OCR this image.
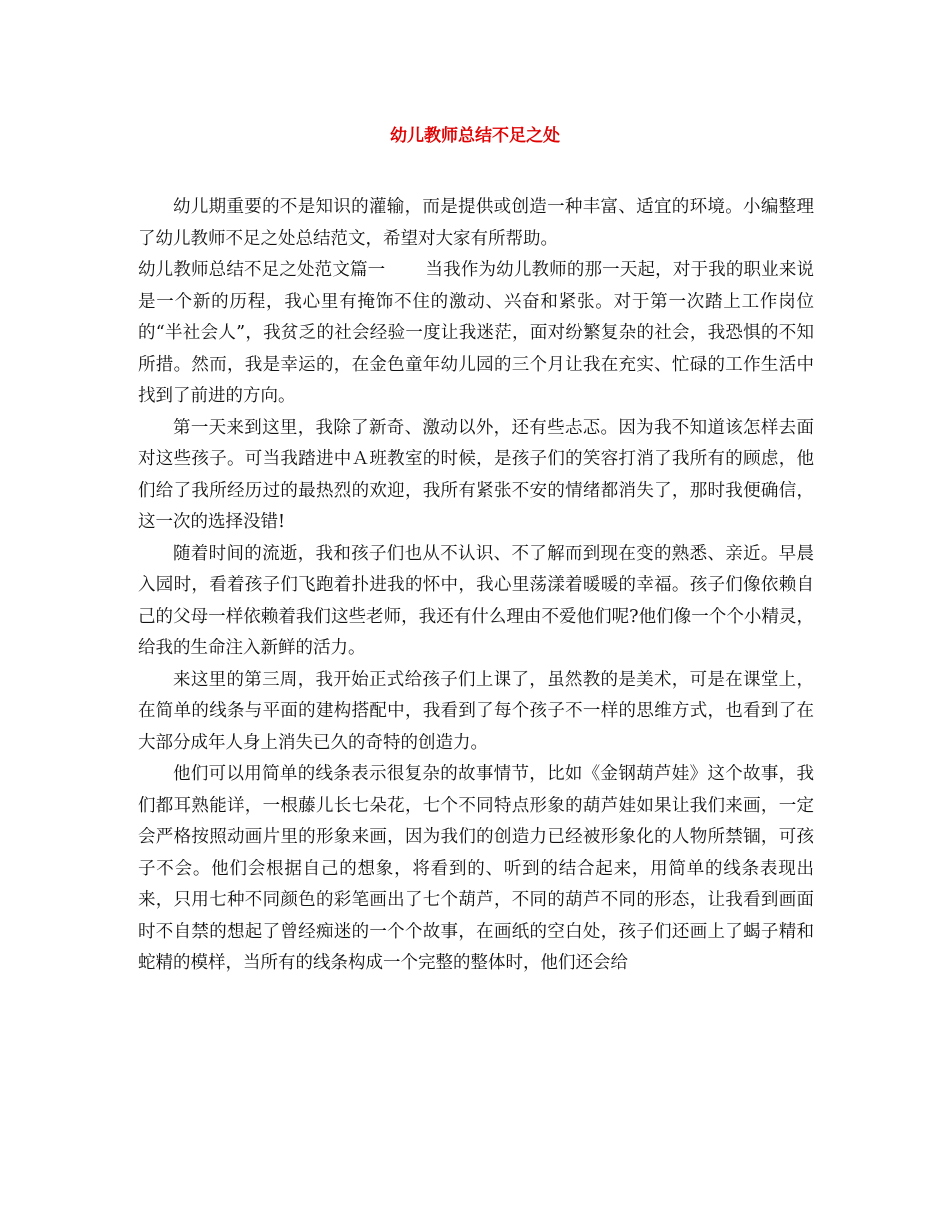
幼儿教师总结不足之处

幼儿期重要的不是知识的灌输，而是提供或创造一种丰富、适宜的环境。小编整理了幼儿教师不足之处总结范文，希望对大家有所帮助。

幼儿教师总结不足之处范文篇一 当我作为幼儿教师的那一天起，对于我的职业来说是一个新的历程，我心里有掩饰不住的激动、兴奋和紧张。对于第一次踏上工作岗位的“半社会人”，我贫乏的社会经验一度让我迷茫，面对纷繁复杂的社会，我恐惧的不知所措。然而，我是幸运的，在金色童年幼儿园的三个月让我在充实、忙碌的工作生活中找到了前进的方向。

第一天来到这里，我除了新奇、激动以外，还有些忐忑。因为我不知道该怎样去面对这些孩子。可当我踏进中Ａ班教室的时候，是孩子们的笑容打消了我所有的顾虑，他们给了我所经历过的最热烈的欢迎，我所有紧张不安的情绪都消失了，那时我便确信，这一次的选择没错!

随着时间的流逝，我和孩子们也从不认识、不了解而到现在变的熟悉、亲近。早晨入园时，看着孩子们飞跑着扑进我的怀中，我心里荡漾着暖暖的幸福。孩子们像依赖自己的父母一样依赖着我们这些老师，我还有什么理由不爱他们呢?他们像一个个小精灵，给我的生命注入新鲜的活力。

来这里的第三周，我开始正式给孩子们上课了，虽然教的是美术，可是在课堂上，在简单的线条与平面的建构搭配中，我看到了每个孩子不一样的思维方式，也看到了在大部分成年人身上消失已久的奇特的创造力。

他们可以用简单的线条表示很复杂的故事情节，比如《金钢葫芦娃》这个故事，我们都耳熟能详，一根藤儿长七朵花，七个不同特点形象的葫芦娃如果让我们来画，一定会严格按照动画片里的形象来画，因为我们的创造力已经被形象化的人物所禁锢，可孩子不会。他们会根据自己的想象，将看到的、听到的结合起来，用简单的线条表现出来，只用七种不同颜色的彩笔画出了七个葫芦，不同的葫芦不同的形态，让我看到画面时不自禁的想起了曾经痴迷的一个个故事，在画纸的空白处，孩子们还画上了蝎子精和蛇精的模样，当所有的线条构成一个完整的整体时，他们还会给
